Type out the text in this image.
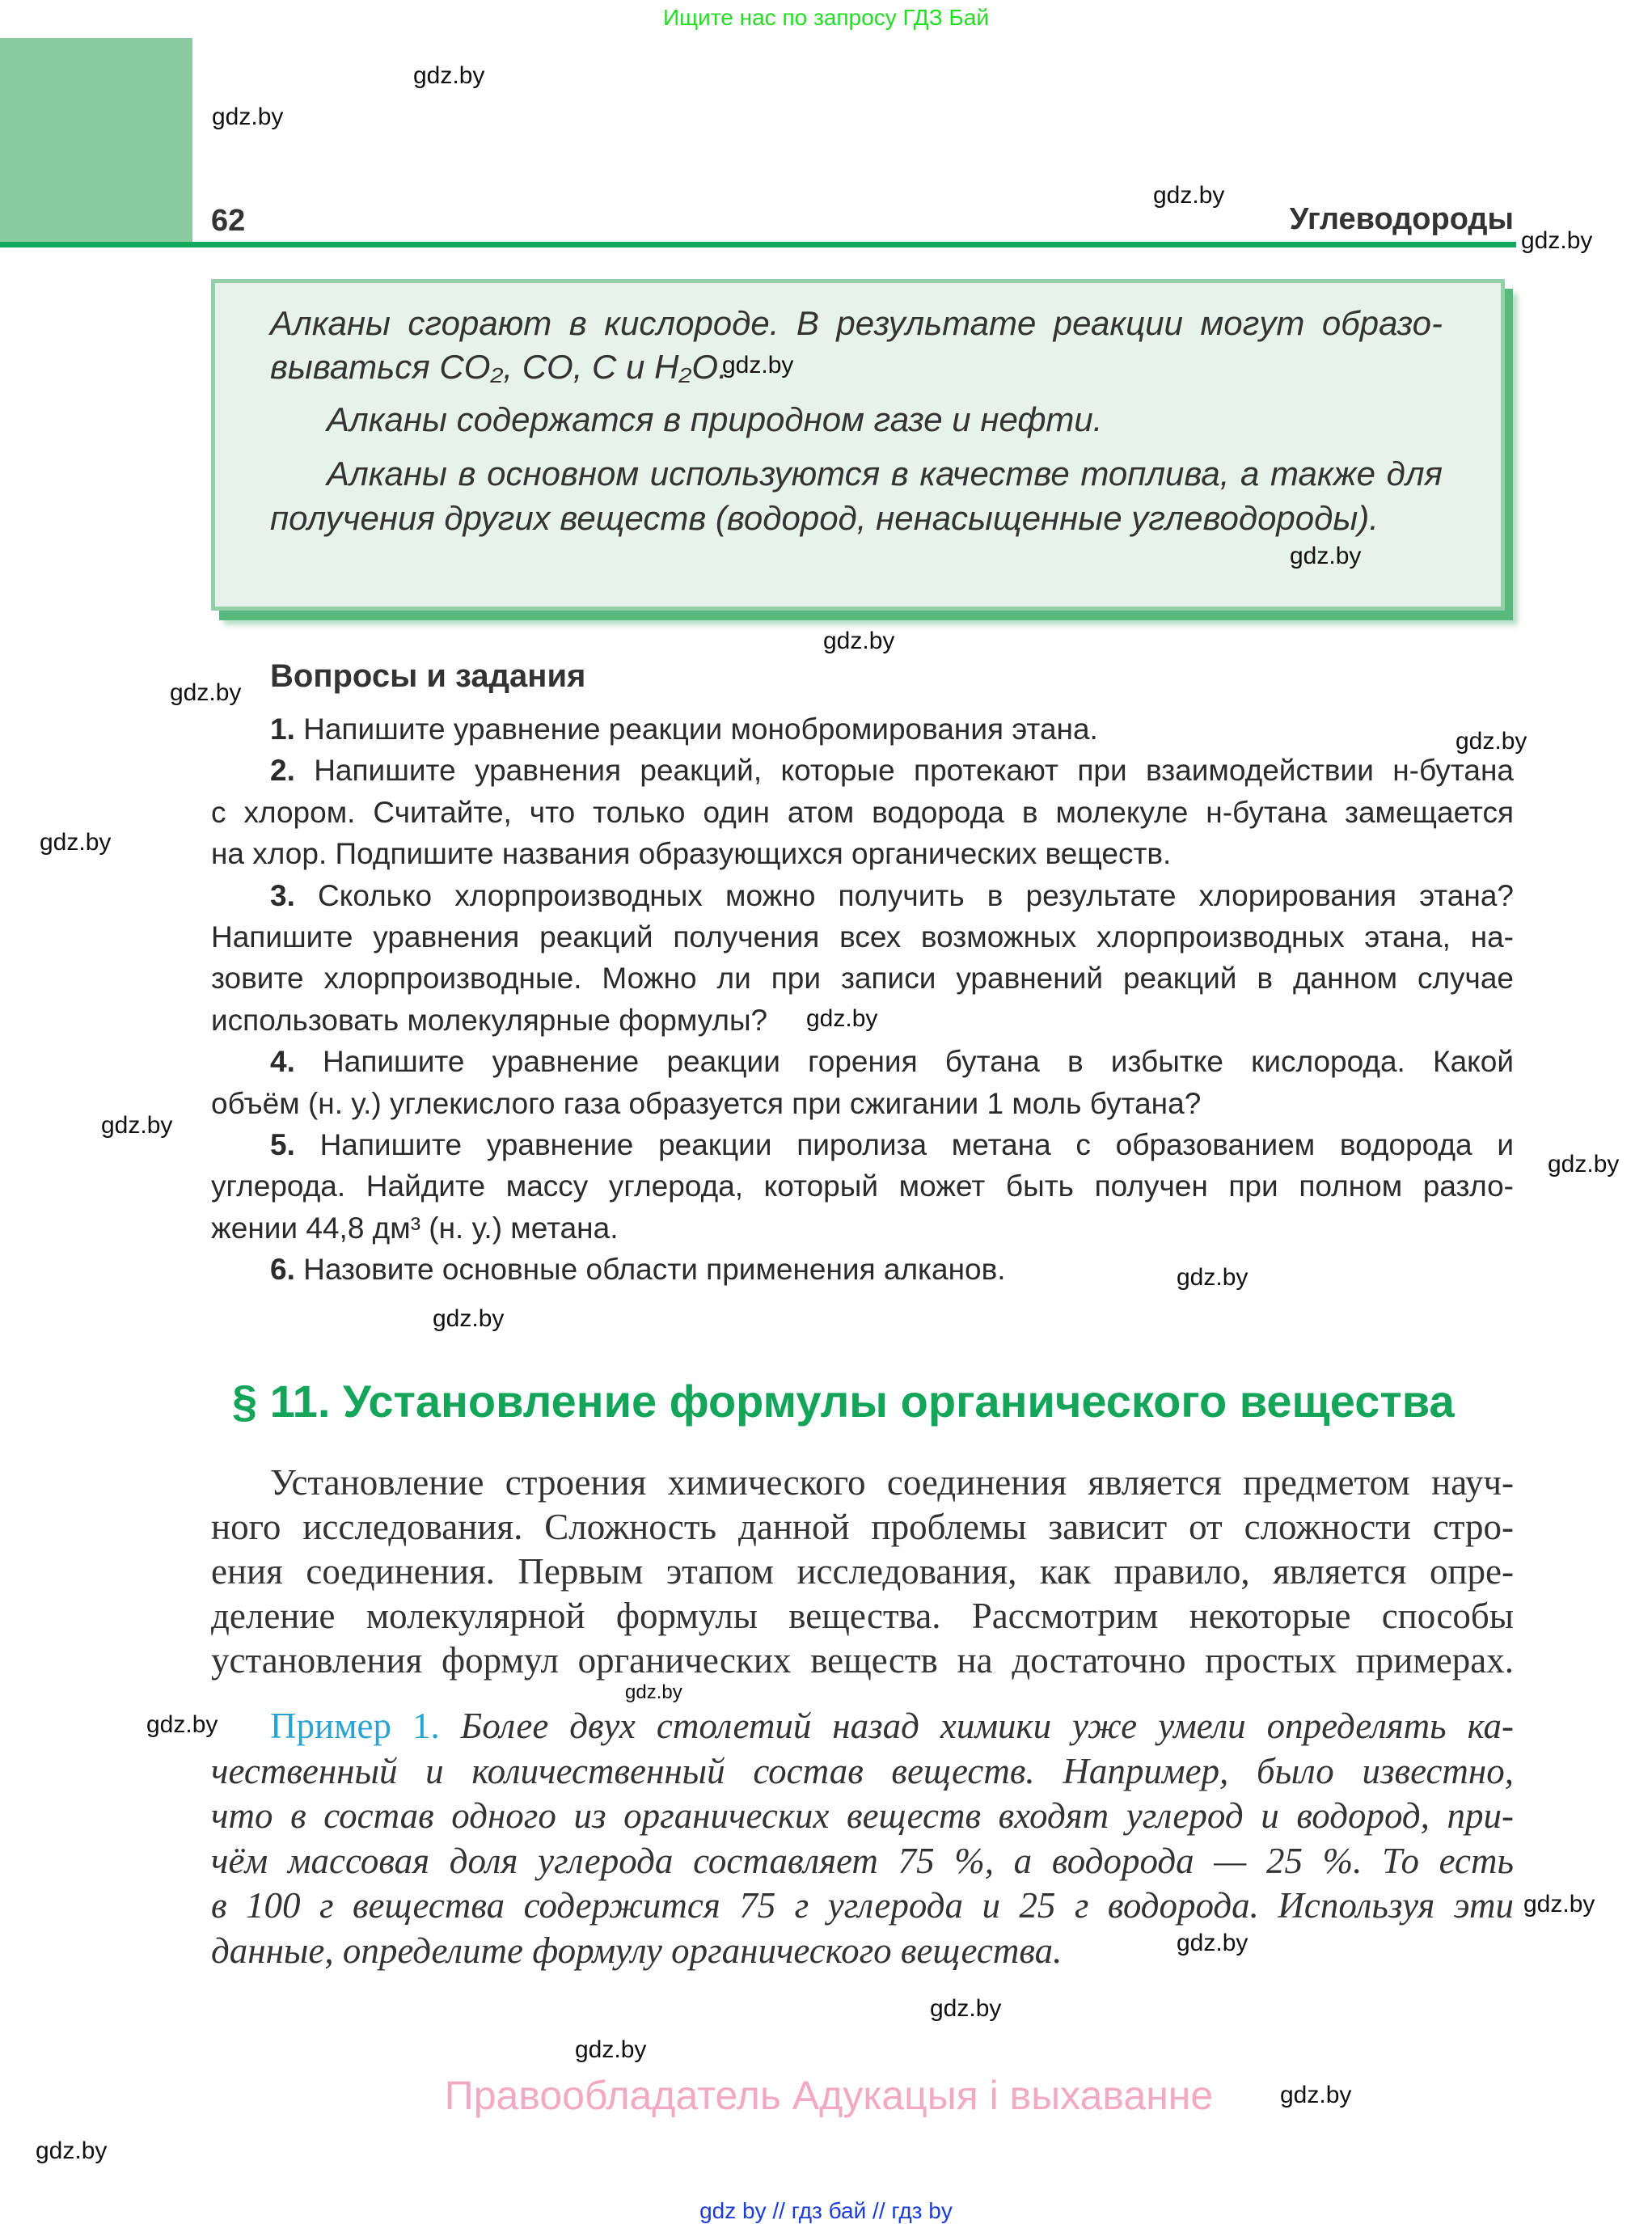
Ищите нас по запросу ГДЗ Бай
62	Углеводороды
Алканы сгорают в кислороде. В результате реакции могут образо-
вываться CO₂, CO, C и H₂O.
Алканы содержатся в природном газе и нефти.
Алканы в основном используются в качестве топлива, а также для
получения других веществ (водород, ненасыщенные углеводороды).
Вопросы и задания
1. Напишите уравнение реакции монобромирования этана.
2. Напишите уравнения реакций, которые протекают при взаимодействии н-бутана
с хлором. Считайте, что только один атом водорода в молекуле н-бутана замещается
на хлор. Подпишите названия образующихся органических веществ.
3. Сколько хлорпроизводных можно получить в результате хлорирования этана?
Напишите уравнения реакций получения всех возможных хлорпроизводных этана, на-
зовите хлорпроизводные. Можно ли при записи уравнений реакций в данном случае
использовать молекулярные формулы?
4. Напишите уравнение реакции горения бутана в избытке кислорода. Какой
объём (н. у.) углекислого газа образуется при сжигании 1 моль бутана?
5. Напишите уравнение реакции пиролиза метана с образованием водорода и
углерода. Найдите массу углерода, который может быть получен при полном разло-
жении 44,8 дм³ (н. у.) метана.
6. Назовите основные области применения алканов.
§ 11. Установление формулы органического вещества
Установление строения химического соединения является предметом науч-
ного исследования. Сложность данной проблемы зависит от сложности стро-
ения соединения. Первым этапом исследования, как правило, является опре-
деление молекулярной формулы вещества. Рассмотрим некоторые способы
установления формул органических веществ на достаточно простых примерах.
Пример 1. Более двух столетий назад химики уже умели определять ка-
чественный и количественный состав веществ. Например, было известно,
что в состав одного из органических веществ входят углерод и водород, при-
чём массовая доля углерода составляет 75 %, а водорода — 25 %. То есть
в 100 г вещества содержится 75 г углерода и 25 г водорода. Используя эти
данные, определите формулу органического вещества.
gdz.by
gdz.by
gdz.by
gdz.by
gdz.by
gdz.by
gdz.by
gdz.by
gdz.by
gdz.by
gdz.by
gdz.by
gdz.by
gdz.by
gdz.by
gdz.by
gdz.by
gdz.by
gdz.by
gdz.by
gdz.by
gdz.by
gdz.by
Правообладатель Адукацыя і выхаванне
gdz by // гдз бай // гдз by
